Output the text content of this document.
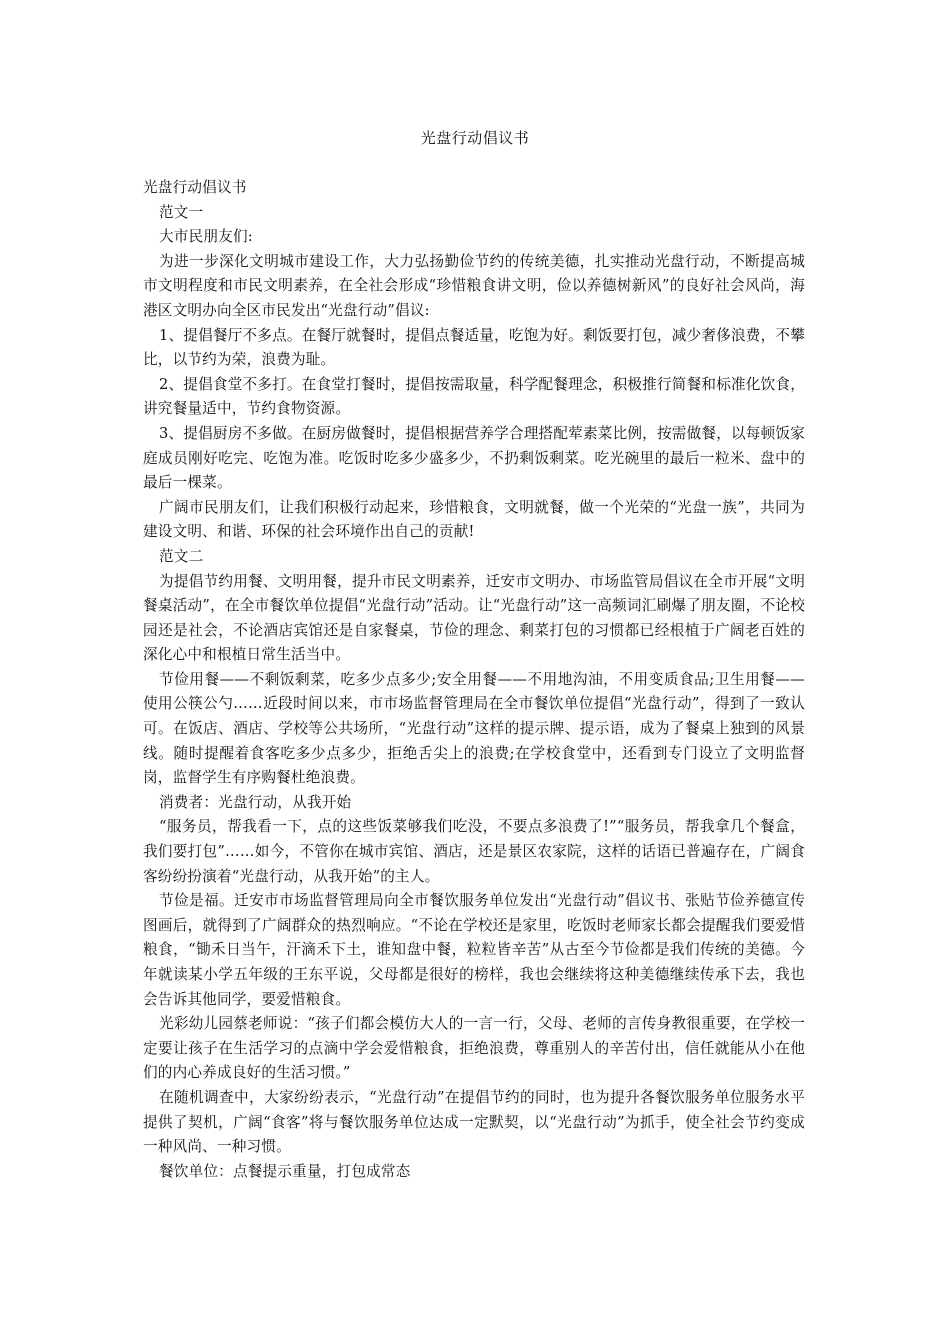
光盘行动倡议书

光盘行动倡议书

范文一

大市民朋友们:

为进一步深化文明城市建设工作，大力弘扬勤俭节约的传统美德，扎实推动光盘行动，不断提高城市文明程度和市民文明素养，在全社会形成“珍惜粮食讲文明，俭以养德树新风”的良好社会风尚，海港区文明办向全区市民发出“光盘行动”倡议:

1、提倡餐厅不多点。在餐厅就餐时，提倡点餐适量，吃饱为好。剩饭要打包，减少奢侈浪费，不攀比，以节约为荣，浪费为耻。

2、提倡食堂不多打。在食堂打餐时，提倡按需取量，科学配餐理念，积极推行简餐和标准化饮食，讲究餐量适中，节约食物资源。

3、提倡厨房不多做。在厨房做餐时，提倡根据营养学合理搭配荤素菜比例，按需做餐，以每顿饭家庭成员刚好吃完、吃饱为准。吃饭时吃多少盛多少，不扔剩饭剩菜。吃光碗里的最后一粒米、盘中的最后一棵菜。

广阔市民朋友们，让我们积极行动起来，珍惜粮食，文明就餐，做一个光荣的“光盘一族”，共同为建设文明、和谐、环保的社会环境作出自己的贡献!

范文二

为提倡节约用餐、文明用餐，提升市民文明素养，迁安市文明办、市场监管局倡议在全市开展“文明餐桌活动”，在全市餐饮单位提倡“光盘行动”活动。让“光盘行动”这一高频词汇刷爆了朋友圈，不论校园还是社会，不论酒店宾馆还是自家餐桌，节俭的理念、剩菜打包的习惯都已经根植于广阔老百姓的深化心中和根植日常生活当中。

节俭用餐——不剩饭剩菜，吃多少点多少;安全用餐——不用地沟油，不用变质食品;卫生用餐——使用公筷公勺……近段时间以来，市市场监督管理局在全市餐饮单位提倡“光盘行动”，得到了一致认可。在饭店、酒店、学校等公共场所，“光盘行动”这样的提示牌、提示语，成为了餐桌上独到的风景线。随时提醒着食客吃多少点多少，拒绝舌尖上的浪费;在学校食堂中，还看到专门设立了文明监督岗，监督学生有序购餐杜绝浪费。

消费者：光盘行动，从我开始

“服务员，帮我看一下，点的这些饭菜够我们吃没，不要点多浪费了!”“服务员，帮我拿几个餐盒，我们要打包”……如今，不管你在城市宾馆、酒店，还是景区农家院，这样的话语已普遍存在，广阔食客纷纷扮演着“光盘行动，从我开始”的主人。

节俭是福。迁安市市场监督管理局向全市餐饮服务单位发出“光盘行动”倡议书、张贴节俭养德宣传图画后，就得到了广阔群众的热烈响应。“不论在学校还是家里，吃饭时老师家长都会提醒我们要爱惜粮食，“锄禾日当午，汗滴禾下土，谁知盘中餐，粒粒皆辛苦”从古至今节俭都是我们传统的美德。今年就读某小学五年级的王东平说，父母都是很好的榜样，我也会继续将这种美德继续传承下去，我也会告诉其他同学，要爱惜粮食。

光彩幼儿园蔡老师说：“孩子们都会模仿大人的一言一行，父母、老师的言传身教很重要，在学校一定要让孩子在生活学习的点滴中学会爱惜粮食，拒绝浪费，尊重别人的辛苦付出，信任就能从小在他们的内心养成良好的生活习惯。”

在随机调查中，大家纷纷表示，“光盘行动”在提倡节约的同时，也为提升各餐饮服务单位服务水平提供了契机，广阔“食客”将与餐饮服务单位达成一定默契，以“光盘行动”为抓手，使全社会节约变成一种风尚、一种习惯。

餐饮单位：点餐提示重量，打包成常态
